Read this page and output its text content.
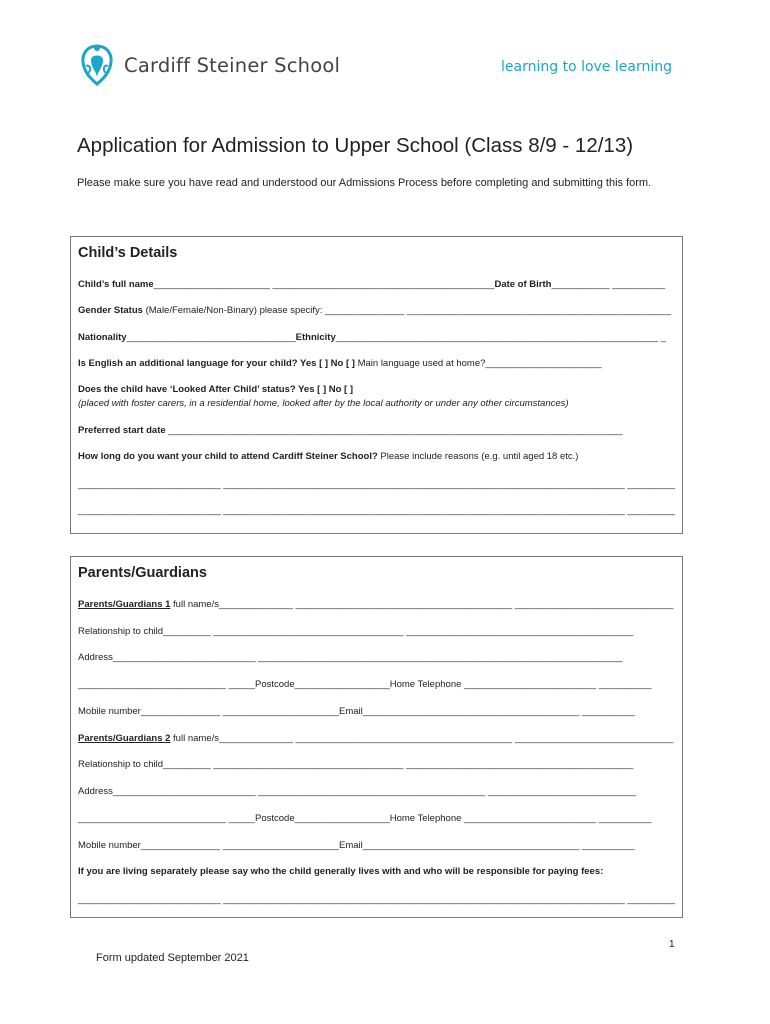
Cardiff Steiner School	learning to love learning
Application for Admission to Upper School (Class 8/9 - 12/13)
Please make sure you have read and understood our Admissions Process before completing and submitting this form.
Child’s Details
Child’s full name______________________ __________________________________________Date of Birth___________ __________
Gender Status (Male/Female/Non-Binary) please specify: _______________ __________________________________________________
Nationality________________________________Ethnicity_____________________________________________________________ _
Is English an additional language for your child? Yes [ ] No [ ] Main language used at home?______________________
Does the child have ‘Looked After Child’ status? Yes [ ] No [ ]
(placed with foster carers, in a residential home, looked after by the local authority or under any other circumstances)
Preferred start date ______________________________________________________________________________________
How long do you want your child to attend Cardiff Steiner School? Please include reasons (e.g. until aged 18 etc.)
___________________________ ____________________________________________________________________________ _________
___________________________ ____________________________________________________________________________ _________
Parents/Guardians
Parents/Guardians 1 full name/s______________ _________________________________________ ______________________________
Relationship to child_________ ____________________________________ ___________________________________________
Address___________________________ _____________________________________________________________________
____________________________ _____Postcode__________________Home Telephone _________________________ __________
Mobile number_______________ ______________________Email_________________________________________ __________
Parents/Guardians 2 full name/s______________ _________________________________________ ______________________________
Relationship to child_________ ____________________________________ ___________________________________________
Address___________________________ ___________________________________________ ____________________________
____________________________ _____Postcode__________________Home Telephone _________________________ __________
Mobile number_______________ ______________________Email_________________________________________ __________
If you are living separately please say who the child generally lives with and who will be responsible for paying fees:
___________________________ ____________________________________________________________________________ _________
1
Form updated September 2021
